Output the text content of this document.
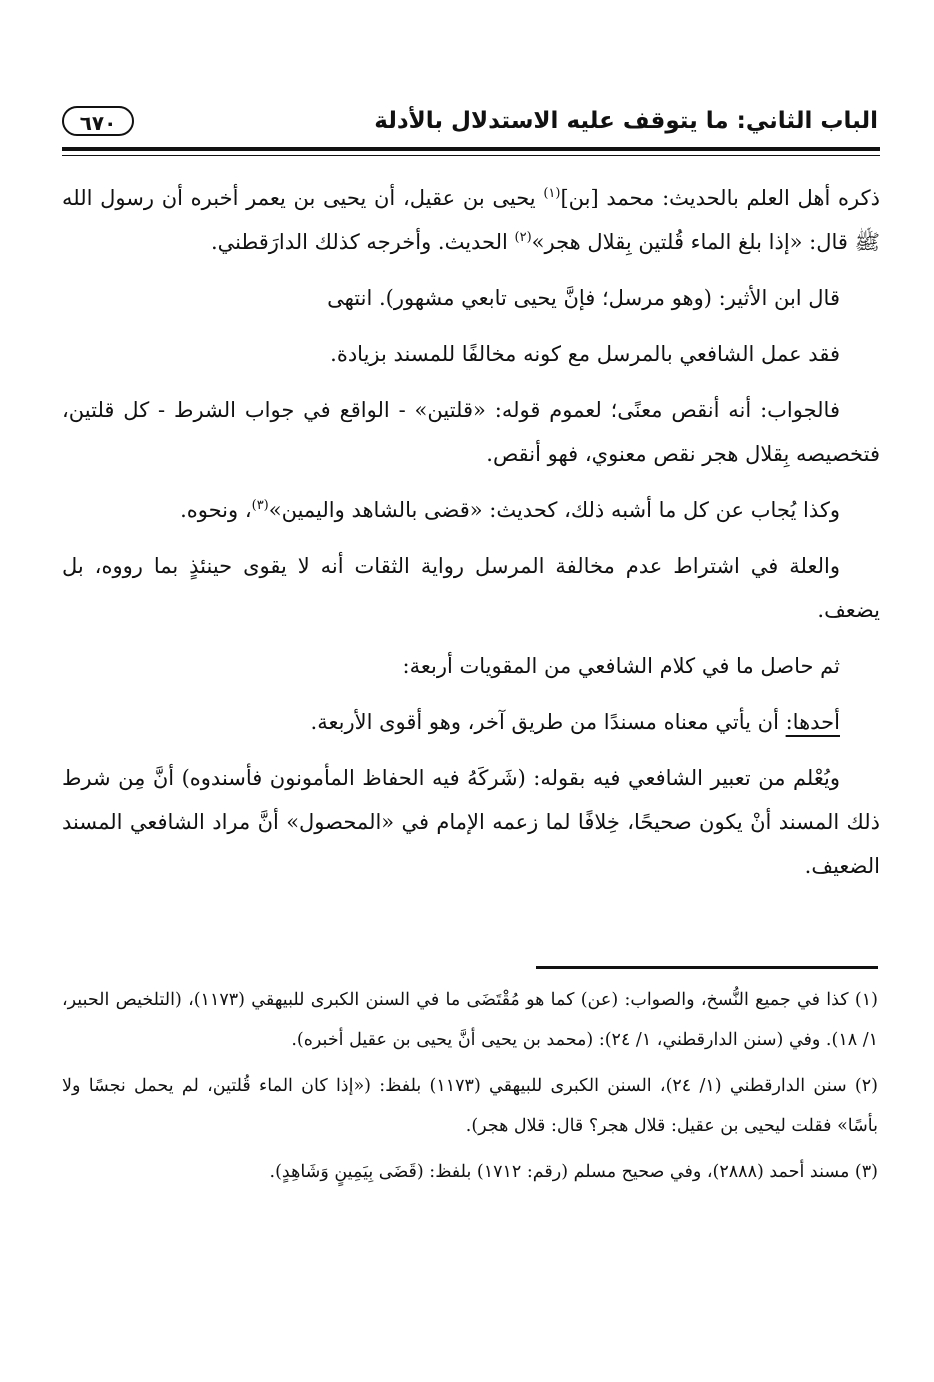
الباب الثاني: ما يتوقف عليه الاستدلال بالأدلة
٦٧٠

ذكره أهل العلم بالحديث: محمد [بن]$^{(١)}$ يحيى بن عقيل، أن يحيى بن يعمر أخبره أن رسول الله ﷺ قال: «إذا بلغ الماء قُلتين بِقلال هجر»$^{(٢)}$ الحديث. وأخرجه كذلك الدارَقطني.

قال ابن الأثير: (وهو مرسل؛ فإنَّ يحيى تابعي مشهور). انتهى

فقد عمل الشافعي بالمرسل مع كونه مخالفًا للمسند بزيادة.

فالجواب: أنه أنقص معنًى؛ لعموم قوله: «قلتين» - الواقع في جواب الشرط - كل قلتين، فتخصيصه بِقلال هجر نقص معنوي، فهو أنقص.

وكذا يُجاب عن كل ما أشبه ذلك، كحديث: «قضى بالشاهد واليمين»$^{(٣)}$، ونحوه.

والعلة في اشتراط عدم مخالفة المرسل رواية الثقات أنه لا يقوى حينئذٍ بما رووه، بل يضعف.

ثم حاصل ما في كلام الشافعي من المقويات أربعة:

أحدها: أن يأتي معناه مسندًا من طريق آخر، وهو أقوى الأربعة.

ويُعْلم من تعبير الشافعي فيه بقوله: (شَركَهُ فيه الحفاظ المأمونون فأسندوه) أنَّ مِن شرط ذلك المسند أنْ يكون صحيحًا، خِلافًا لما زعمه الإمام في «المحصول» أنَّ مراد الشافعي المسند الضعيف.

(١) كذا في جميع النُّسخ، والصواب: (عن) كما هو مُقْتَضَى ما في السنن الكبرى للبيهقي (١١٧٣)، (التلخيص الحبير، ١/ ١٨). وفي (سنن الدارقطني، ١/ ٢٤): (محمد بن يحيى أنَّ يحيى بن عقيل أخبره).

(٢) سنن الدارقطني (١/ ٢٤)، السنن الكبرى للبيهقي (١١٧٣) بلفظ: («إذا كان الماء قُلتين، لم يحمل نجسًا ولا بأسًا» فقلت ليحيى بن عقيل: قلال هجر؟ قال: قلال هجر).

(٣) مسند أحمد (٢٨٨٨)، وفي صحيح مسلم (رقم: ١٧١٢) بلفظ: (قَضَى بِيَمِينٍ وَشَاهِدٍ).
